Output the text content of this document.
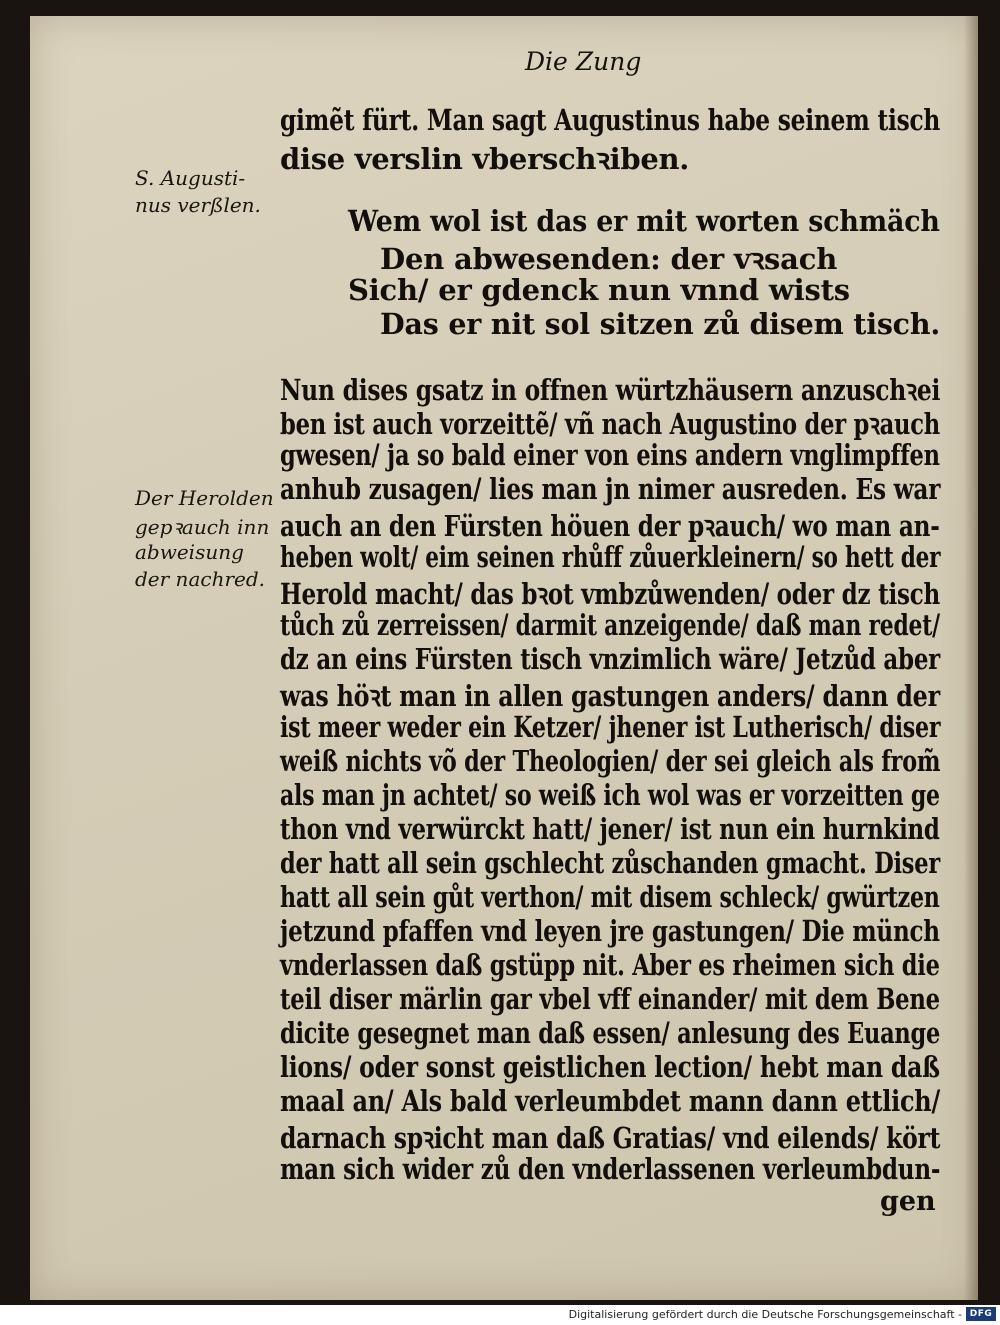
Die Zung
gimẽt fürt. Man sagt Augustinus habe seinem tisch
dise verslin vberschꝛiben.
S. Augusti-
nus verßlen.	Wem wol ist das er mit worten schmäch
Den abwesenden: der vꝛsach
Sich/ er gdenck nun vnnd wists
Das er nit sol sitzen zů disem tisch.
Nun dises gsatz in offnen würtzhäusern anzuschꝛei
ben ist auch vorzeittẽ/ vñ nach Augustino der pꝛauch
gwesen/ ja so bald einer von eins andern vnglimpffen
anhub zusagen/ lies man jn nimer ausreden. Es war
auch an den Fürsten höuen der pꝛauch/ wo man an-
heben wolt/ eim seinen rhůff zůuerkleinern/ so hett der
Herold macht/ das bꝛot vmbzůwenden/ oder dz tisch
tůch zů zerreissen/ darmit anzeigende/ daß man redet/
dz an eins Fürsten tisch vnzimlich wäre/ Jetzůd aber
was höꝛt man in allen gastungen anders/ dann der
ist meer weder ein Ketzer/ jhener ist Lutherisch/ diser
weiß nichts võ der Theologien/ der sei gleich als from̃
als man jn achtet/ so weiß ich wol was er vorzeitten ge
thon vnd verwürckt hatt/ jener/ ist nun ein hurnkind
der hatt all sein gschlecht zůschanden gmacht. Diser
hatt all sein gůt verthon/ mit disem schleck/ gwürtzen
jetzund pfaffen vnd leyen jre gastungen/ Die münch
vnderlassen daß gstüpp nit. Aber es rheimen sich die
teil diser märlin gar vbel vff einander/ mit dem Bene
dicite gesegnet man daß essen/ anlesung des Euange
lions/ oder sonst geistlichen lection/ hebt man daß
maal an/ Als bald verleumbdet mann dann ettlich/
darnach spꝛicht man daß Gratias/ vnd eilends/ kört
man sich wider zů den vnderlassenen verleumbdun-
Der Herolden
gepꝛauch inn
abweisung
der nachred.
gen
Digitalisierung gefördert durch die Deutsche Forschungsgemeinschaft - DFG
